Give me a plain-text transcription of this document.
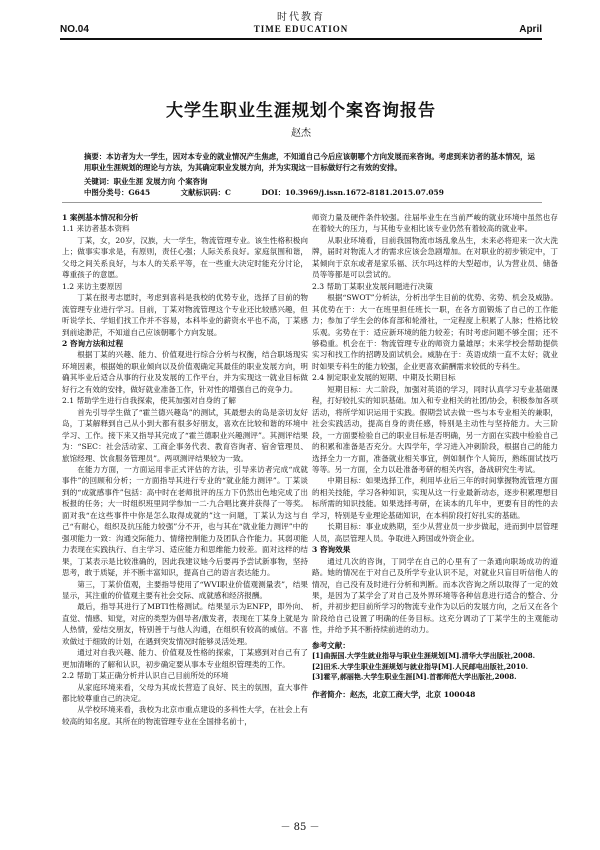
时代教育
NO.04	TIME EDUCATION	April
大学生职业生涯规划个案咨询报告
赵杰
摘要：本访者为大一学生，因对本专业的就业情况产生焦虑，不知道自己今后应该朝哪个方向发展而来咨询。考虑到来访者的基本情况，运用职业生涯规划的理论与方法，为其确定职业发展方向，并为实现这一目标做好行之有效的安排。
关键词：职业生涯 发展方向 个案咨询
中图分类号：G645	文献标识码：C	DOI：10.3969/j.issn.1672-8181.2015.07.059
1 案例基本情况和分析
1.1 来访者基本资料

丁某，女，20岁，汉族，大一学生，物流管理专业。该生性格积极向上；做事实事求是，有原则，责任心强；人际关系良好。家庭氛围和谐，父母之间关系良好，与本人的关系平等，在一些重大决定时能充分讨论，尊重孩子的意愿。

1.2 来访主要原因

丁某在报考志愿时，考虑到喜科是我校的优势专业，选择了目前的物流管理专业进行学习。目前，丁某对物流管理这个专业还比较感兴趣，但听说学长、学姐们找工作并不容易，本科毕业的薪资水平也不高，丁某感到前途渺茫，不知道自己应该朝哪个方向发展。

2 咨询方法和过程

根据丁某的兴趣、能力、价值观进行综合分析与权衡，结合职场现实环境因素，根据她的职业倾向以及价值观确定其最佳的职业发展方向，明确其毕业后适合从事的行业及发展的工作平台，并为实现这一就业目标做好行之有效的安排，做好就业准备工作，针对性的增强自己的竞争力。

2.1 帮助学生进行自我探索，使其加强对自身的了解

首先引导学生做了“霍兰德兴趣岛”的测试，其最想去的岛是亲切友好岛，丁某解释到自己从小到大都有很多好朋友，喜欢在比较和谐的环境中学习、工作。接下来又指导其完成了“霍兰德职业兴趣测评”。其测评结果为：“SEC：社会活动家、工商企事务代表、教育咨询者、宿舍管理员、旅馆经理、饮食服务管理员”。两项测评结果较为一致。

在能力方面，一方面运用非正式评估的方法，引导来访者完成“成就事件”的回顾和分析；一方面指导其进行专业的“就业能力测评”。丁某谈到的“成就感事件”包括：高中时在老师批评的压力下仍然出色地完成了出板报的任务；大一时组织班里同学参加一二·九合唱比赛并获得了一等奖。面对我“在这些事件中你是怎么取得成就的”这一问题，丁某认为这与自己“有耐心，组织及抗压能力较强”分不开，也与其在“就业能力测评”中的强项能力一致：沟通交际能力、情绪控制能力及团队合作能力。其弱项能力表现在实践执行、自主学习、适应能力和思维能力较差。面对这样的结果，丁某表示是比较准确的，因此我建议她今后要再予尝试新事物，坚持思考，敢于质疑，并不断丰富知识，提高自己的语言表达能力。

第三，丁某价值观，主要指导使用了“WVI职业价值观测量表”，结果显示，其注重的价值观主要有社会交际、成就感和经济报酬。

最后，指导其进行了MBTI性格测试。结果显示为ENFP，即外向、直觉、情感、知觉，对应的类型为倡导者/激发者，表现在丁某身上就是为人热情，爱结交朋友，特别善于与他人沟通，在组织有较高的威信。不喜欢做过于细致的计划，在遇到突发情况时能够灵活处理。

通过对自我兴趣、能力、价值观及性格的探索，丁某感到对自己有了更加清晰的了解和认识，初步确定要从事本专业组织管理类的工作。

2.2 帮助丁某正确分析并认识自己目前所处的环境

从家庭环境来看，父母为其成长营造了良好、民主的氛围，直大事件都比较尊重自己的决定。

从学校环境来看，我校为北京市重点建设的多科性大学，在社会上有较高的知名度。其所在的物流管理专业在全国排名前十，

师资力量及硬件条件较强。往届毕业生在当前严峻的就业环境中虽然也存在着较大的压力，与其他专业相比该专业仍然有着较高的就业率。

从职业环境看，目前我国物流市场乱象丛生，未来必将迎来一次大洗牌，届时对物流人才的需求应该会急剧增加。在对职业的初步锁定中，丁某倾向于京东或者是家乐福、沃尔玛这样的大型超市，认为营业员、储备员等等都是可以尝试的。

2.3 帮助丁某职业发展问题进行决策

根据“SWOT”分析法，分析出学生目前的优势、劣势、机会及威胁。其优势在于：大一在班里担任班长一职，在各方面锻炼了自己的工作能力；参加了学生会的体育部和轮滑社，一定程度上积累了人脉；性格比较乐观。劣势在于：适应新环境的能力较差；有时考虑问题不够全面；还不够稳重。机会在于：物流管理专业的师资力量雄厚；未来学校会帮助提供实习和找工作的招聘及面试机会。威胁在于：英语成绩一直不太好；就业时如果专科生的能力较强，企业更喜欢薪酬需求较低的专科生。

2.4 制定职业发展的短期、中期及长期目标

短期目标：大二阶段，加强对英语的学习，同时认真学习专业基础课程，打好较扎实的知识基础。加入和专业相关的社团/协会，积极参加各项活动，将所学知识运用于实践。假期尝试去做一些与本专业相关的兼职，社会实践活动，提高自身的责任感，特别是主动性与坚持能力。大三阶段，一方面要检验自己的职业目标是否明确，另一方面在实践中检验自己的积累和准备是否充分。大四学年，学习进入冲刺阶段，根据自己的能力选择全力一方面，准备就业相关事宜，例如制作个人简历，熟练面试技巧等等。另一方面，全力以赴准备考研的相关内容，备战研究生考试。

中期目标：如果选择工作，利用毕业后三年的时间掌握物流管理方面的相关技能，学习各种知识，实现从这一行业最新动态，逐步积累理想目标所需的知识技能。如果选择考研，在读本的几年中，更要有目的性的去学习，特别是专业理论基础知识，在本科阶段打好扎实的基础。

长期目标：事业成熟期，至少从营业员一步步做起，进而到中层管理人员，高层管理人员。争取进入跨国或外资企业。

3 咨询效果

通过几次的咨询，丁同学在自己的心里有了一条通向职场成功的道路。她的情况在于对自己及所学专业认识不足，对就业只盲目听信他人的情况，自己没有及时进行分析和判断。而本次咨询之所以取得了一定的效果，是因为了某学会了对自己及外界环境等各种信息进行适合的整合、分析，并初步把目前所学习的物流专业作为以后的发展方向，之后又在各个阶段给自己设置了明确的任务目标。这充分调动了丁某学生的主观能动性，并给予其不断持续前进的动力。

参考文献：

[1]曲振国.大学生就业指导与职业生涯规划[M].清华大学出版社,2008.

[2]田禾.大学生职业生涯规划与就业指导[M].人民邮电出版社,2010.

[3]霍平,郝丽艳.大学生职业生涯[M].首都师范大学出版社,2008.

作者简介：赵杰，北京工商大学，北京 100048

－ 85 －
